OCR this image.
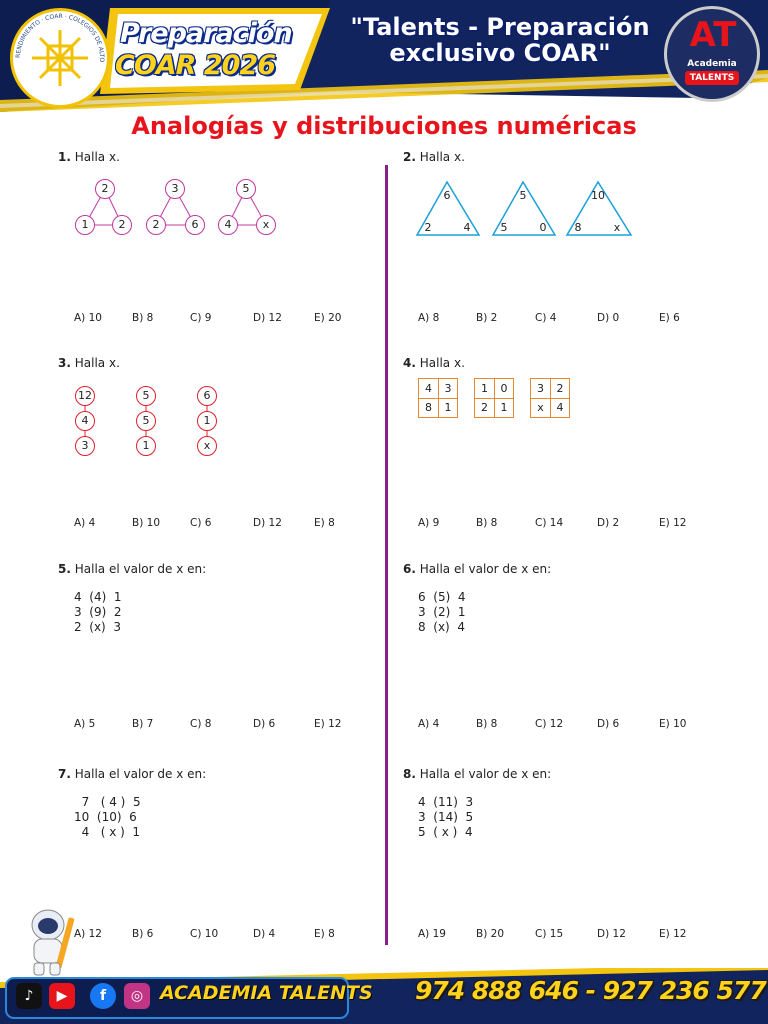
RENDIMIENTO · COAR · COLEGIOS DE ALTO
Preparación
COAR 2026
"Talents - Preparación
exclusivo COAR"	AT
Academia
TALENTS
Analogías y distribuciones numéricas
1. Halla x.
2
1	2
3
2	6
5
4	x
A) 10	B) 8	C) 9	D) 12	E) 20
2. Halla x.
6
2	4
5
5	0
10
8	x
A) 8	B) 2	C) 4	D) 0	E) 6
3. Halla x.
12
4
3
5
5
1
6
1
x
A) 4	B) 10	C) 6	D) 12	E) 8
4. Halla x.
4	3
8	1
1	0
2	1
3	2
x	4
A) 9	B) 8	C) 14	D) 2	E) 12
5. Halla el valor de x en:
4  (4)  1
3  (9)  2
2  (x)  3
A) 5	B) 7	C) 8	D) 6	E) 12
6. Halla el valor de x en:
6  (5)  4
3  (2)  1
8  (x)  4
A) 4	B) 8	C) 12	D) 6	E) 10
7. Halla el valor de x en:
7   ( 4 )  5
10  (10)  6
4   ( x )  1
A) 12	B) 6	C) 10	D) 4	E) 8
8. Halla el valor de x en:
4  (11)  3
3  (14)  5
5  ( x )  4
A) 19	B) 20	C) 15	D) 12	E) 12
♪	▶	f	◎ ACADEMIA TALENTS 974 888 646 - 927 236 577
